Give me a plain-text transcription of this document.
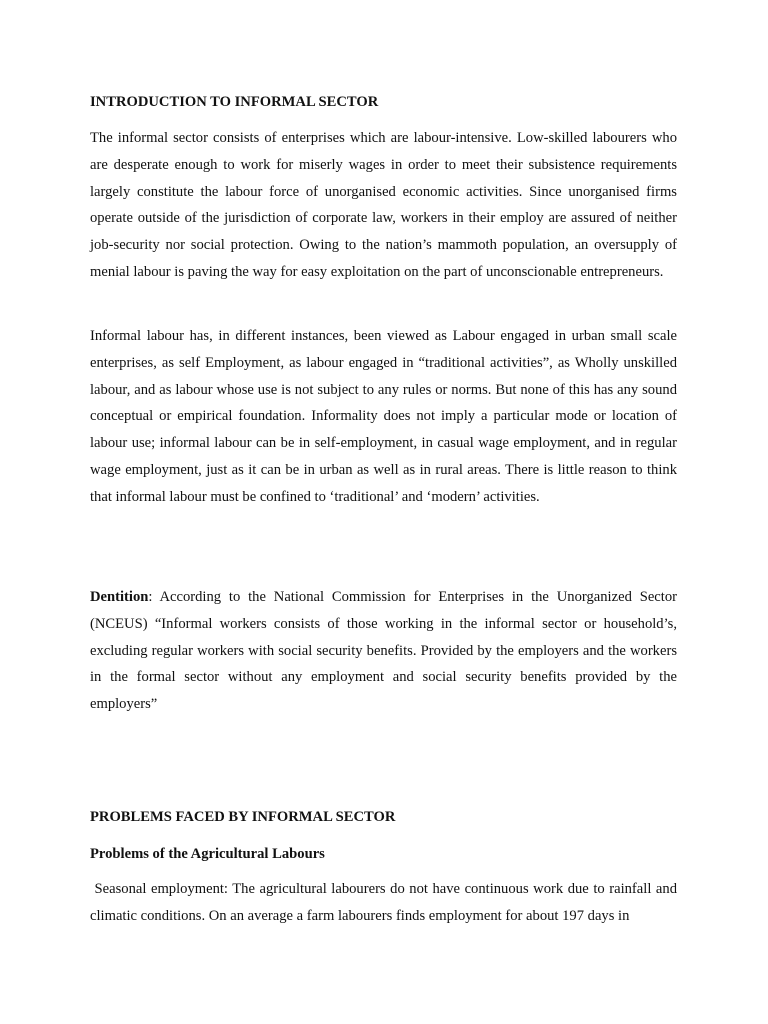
INTRODUCTION TO INFORMAL SECTOR

The informal sector consists of enterprises which are labour-intensive. Low-skilled labourers who are desperate enough to work for miserly wages in order to meet their subsistence requirements largely constitute the labour force of unorganised economic activities. Since unorganised firms operate outside of the jurisdiction of corporate law, workers in their employ are assured of neither job-security nor social protection. Owing to the nation’s mammoth population, an oversupply of menial labour is paving the way for easy exploitation on the part of unconscionable entrepreneurs.

Informal labour has, in different instances, been viewed as Labour engaged in urban small scale enterprises, as self Employment, as labour engaged in “traditional activities”, as Wholly unskilled labour, and as labour whose use is not subject to any rules or norms. But none of this has any sound conceptual or empirical foundation. Informality does not imply a particular mode or location of labour use; informal labour can be in self-employment, in casual wage employment, and in regular wage employment, just as it can be in urban as well as in rural areas. There is little reason to think that informal labour must be confined to ‘traditional’ and ‘modern’ activities.

Dentition: According to the National Commission for Enterprises in the Unorganized Sector (NCEUS) “Informal workers consists of those working in the informal sector or household’s, excluding regular workers with social security benefits. Provided by the employers and the workers in the formal sector without any employment and social security benefits provided by the employers”

PROBLEMS FACED BY INFORMAL SECTOR
Problems of the Agricultural Labours

Seasonal employment: The agricultural labourers do not have continuous work due to rainfall and climatic conditions. On an average a farm labourers finds employment for about 197 days in
